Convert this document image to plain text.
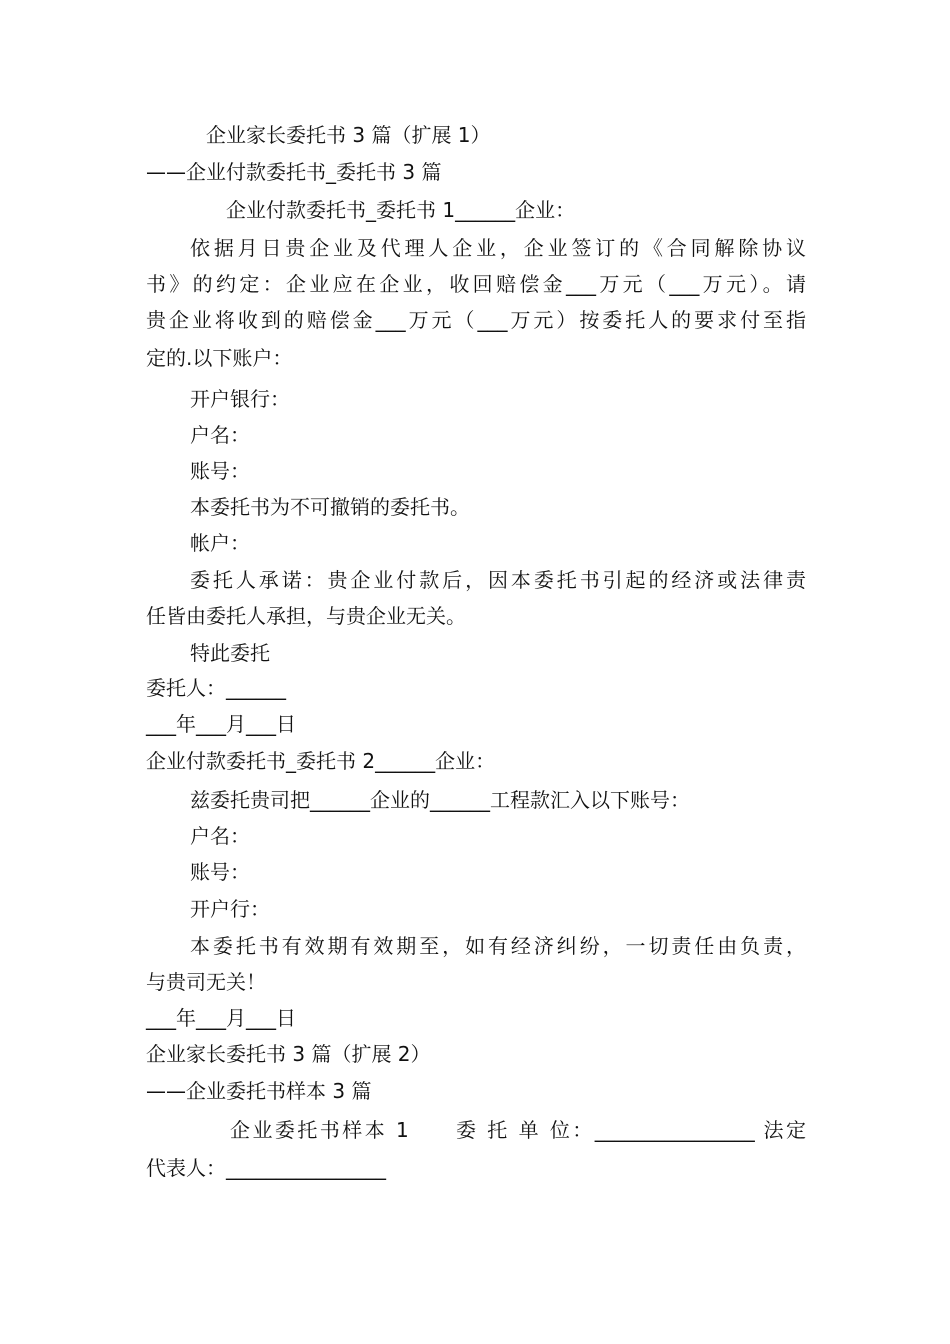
企业家长委托书 3 篇（扩展 1）
——企业付款委托书_委托书 3 篇
企业付款委托书_委托书 1______企业：
依据月日贵企业及代理人企业，企业签订的《合同解除协议
书》的约定：企业应在企业，收回赔偿金___万元（___万元）。请
贵企业将收到的赔偿金___万元（___万元）按委托人的要求付至指
定的.以下账户：
开户银行：
户名：
账号：
本委托书为不可撤销的委托书。
帐户：
委托人承诺：贵企业付款后，因本委托书引起的经济或法律责
任皆由委托人承担，与贵企业无关。
特此委托
委托人：______
___年___月___日
企业付款委托书_委托书 2______企业：
兹委托贵司把______企业的______工程款汇入以下账号：
户名：
账号：
开户行：
本委托书有效期有效期至，如有经济纠纷，一切责任由负责，
与贵司无关！
___年___月___日
企业家长委托书 3 篇（扩展 2）
——企业委托书样本 3 篇
企业委托书样本 1　　委 托 单 位：________________ 法定
代表人：________________
